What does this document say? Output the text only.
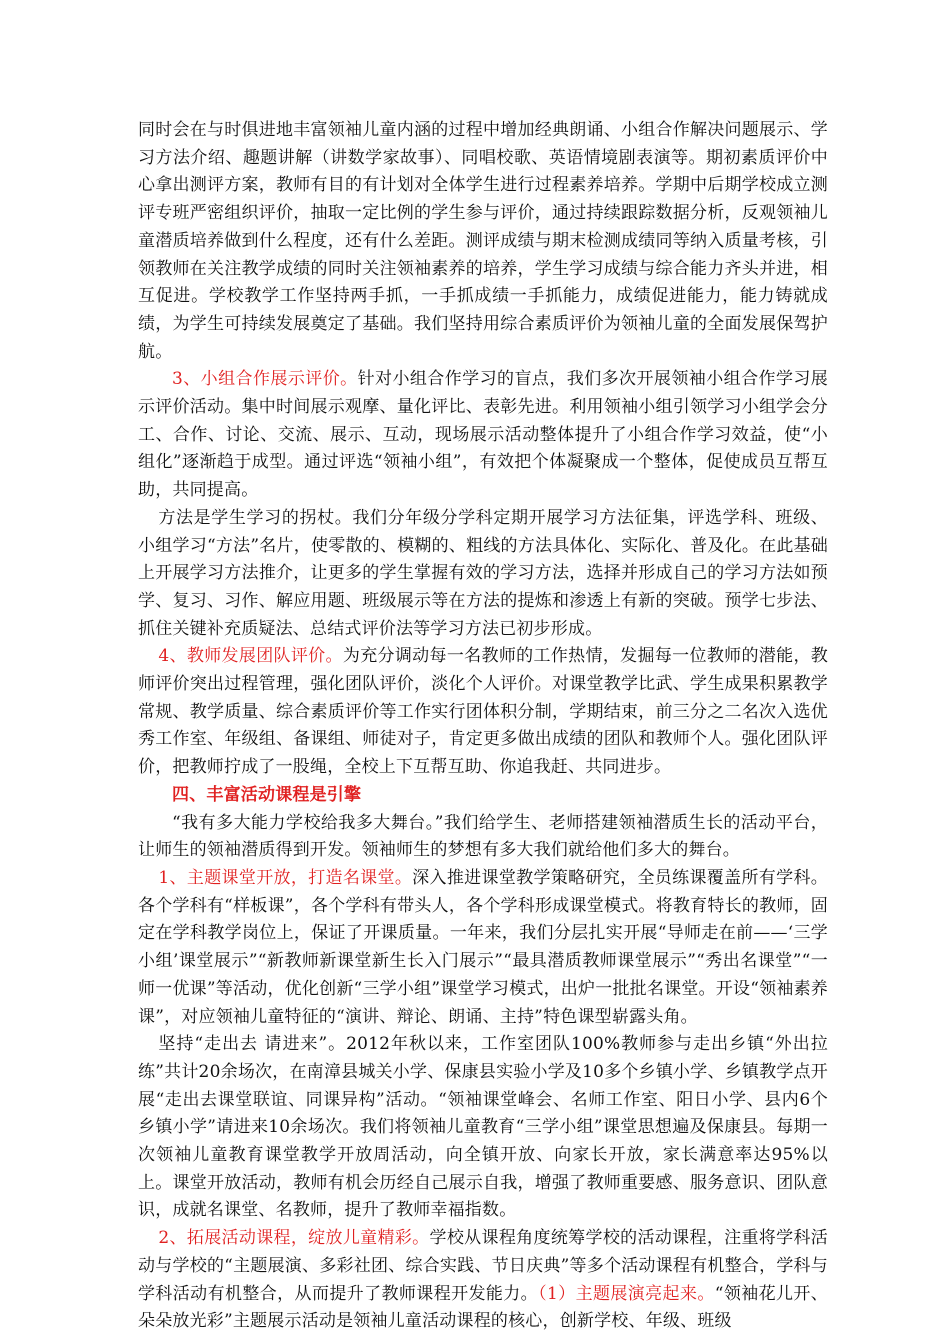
同时会在与时俱进地丰富领袖儿童内涵的过程中增加经典朗诵、小组合作解决问题展示、学习方法介绍、趣题讲解（讲数学家故事）、同唱校歌、英语情境剧表演等。期初素质评价中心拿出测评方案，教师有目的有计划对全体学生进行过程素养培养。学期中后期学校成立测评专班严密组织评价，抽取一定比例的学生参与评价，通过持续跟踪数据分析，反观领袖儿童潜质培养做到什么程度，还有什么差距。测评成绩与期末检测成绩同等纳入质量考核，引领教师在关注教学成绩的同时关注领袖素养的培养，学生学习成绩与综合能力齐头并进，相互促进。学校教学工作坚持两手抓，一手抓成绩一手抓能力，成绩促进能力，能力铸就成绩，为学生可持续发展奠定了基础。我们坚持用综合素质评价为领袖儿童的全面发展保驾护航。

3、小组合作展示评价。针对小组合作学习的盲点，我们多次开展领袖小组合作学习展示评价活动。集中时间展示观摩、量化评比、表彰先进。利用领袖小组引领学习小组学会分工、合作、讨论、交流、展示、互动，现场展示活动整体提升了小组合作学习效益，使“小组化”逐渐趋于成型。通过评选“领袖小组”，有效把个体凝聚成一个整体，促使成员互帮互助，共同提高。

方法是学生学习的拐杖。我们分年级分学科定期开展学习方法征集，评选学科、班级、小组学习“方法”名片，使零散的、模糊的、粗线的方法具体化、实际化、普及化。在此基础上开展学习方法推介，让更多的学生掌握有效的学习方法，选择并形成自己的学习方法如预学、复习、习作、解应用题、班级展示等在方法的提炼和渗透上有新的突破。预学七步法、抓住关键补充质疑法、总结式评价法等学习方法已初步形成。

4、教师发展团队评价。为充分调动每一名教师的工作热情，发掘每一位教师的潜能，教师评价突出过程管理，强化团队评价，淡化个人评价。对课堂教学比武、学生成果积累教学常规、教学质量、综合素质评价等工作实行团体积分制，学期结束，前三分之二名次入选优秀工作室、年级组、备课组、师徒对子，肯定更多做出成绩的团队和教师个人。强化团队评价，把教师拧成了一股绳，全校上下互帮互助、你追我赶、共同进步。

四、丰富活动课程是引擎

“我有多大能力学校给我多大舞台。”我们给学生、老师搭建领袖潜质生长的活动平台，让师生的领袖潜质得到开发。领袖师生的梦想有多大我们就给他们多大的舞台。

1、主题课堂开放，打造名课堂。深入推进课堂教学策略研究，全员练课覆盖所有学科。各个学科有“样板课”，各个学科有带头人，各个学科形成课堂模式。将教育特长的教师，固定在学科教学岗位上，保证了开课质量。一年来，我们分层扎实开展“导师走在前——‘三学小组’课堂展示”“新教师新课堂新生长入门展示”“最具潜质教师课堂展示”“秀出名课堂”“一师一优课”等活动，优化创新“三学小组”课堂学习模式，出炉一批批名课堂。开设“领袖素养课”，对应领袖儿童特征的“演讲、辩论、朗诵、主持”特色课型崭露头角。

坚持“走出去 请进来”。2012年秋以来，工作室团队100%教师参与走出乡镇“外出拉练”共计20余场次，在南漳县城关小学、保康县实验小学及10多个乡镇小学、乡镇教学点开展“走出去课堂联谊、同课异构”活动。“领袖课堂峰会、名师工作室、阳日小学、县内6个乡镇小学”请进来10余场次。我们将领袖儿童教育“三学小组”课堂思想遍及保康县。每期一次领袖儿童教育课堂教学开放周活动，向全镇开放、向家长开放，家长满意率达95%以上。课堂开放活动，教师有机会历经自己展示自我，增强了教师重要感、服务意识、团队意识，成就名课堂、名教师，提升了教师幸福指数。

2、拓展活动课程，绽放儿童精彩。学校从课程角度统筹学校的活动课程，注重将学科活动与学校的“主题展演、多彩社团、综合实践、节日庆典”等多个活动课程有机整合，学科与学科活动有机整合，从而提升了教师课程开发能力。（1）主题展演亮起来。“领袖花儿开、朵朵放光彩”主题展示活动是领袖儿童活动课程的核心，创新学校、年级、班级
